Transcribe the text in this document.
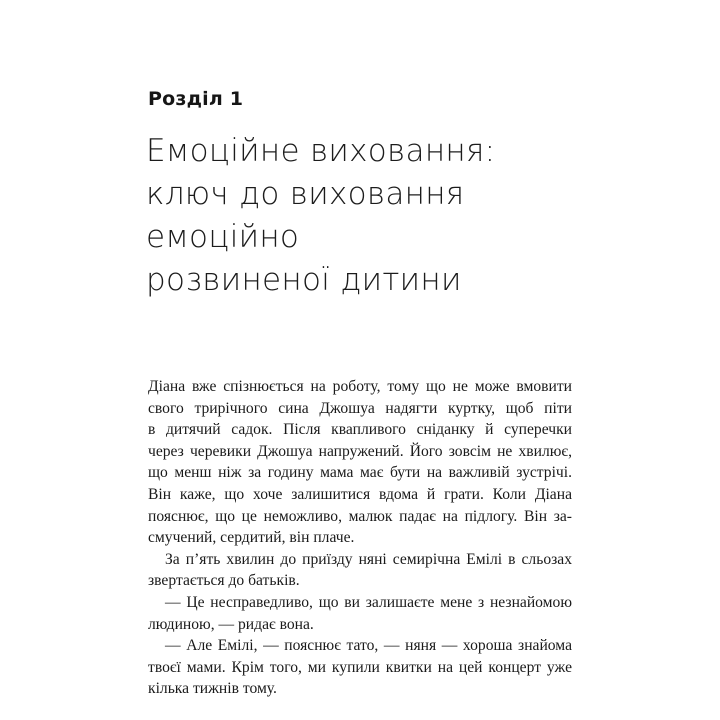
Розділ 1
Емоційне виховання:
ключ до виховання
емоційно
розвиненої дитини
Діана вже спізнюється на роботу, тому що не може вмовити
свого трирічного сина Джошуа надягти куртку, щоб піти
в дитячий садок. Після квапливого сніданку й суперечки
через черевики Джошуа напружений. Його зовсім не хвилює,
що менш ніж за годину мама має бути на важливій зустрічі.
Він каже, що хоче залишитися вдома й грати. Коли Діана
пояснює, що це неможливо, малюк падає на підлогу. Він за-
смучений, сердитий, він плаче.
За п’ять хвилин до приїзду няні семирічна Емілі в сльозах
звертається до батьків.
— Це несправедливо, що ви залишаєте мене з незнайомою
людиною, — ридає вона.
— Але Емілі, — пояснює тато, — няня — хороша знайома
твоєї мами. Крім того, ми купили квитки на цей концерт уже
кілька тижнів тому.
